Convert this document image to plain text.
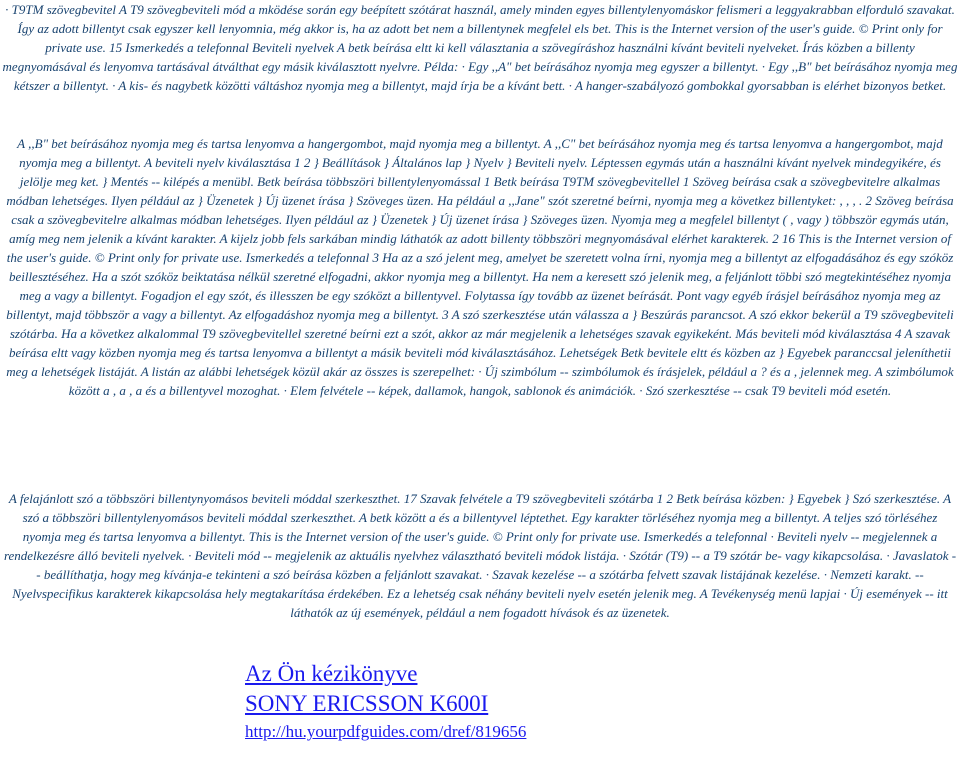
· T9TM szövegbevitel A T9 szövegbeviteli mód a mködése során egy beépített szótárat használ, amely minden egyes billentylenyomáskor felismeri a leggyakrabban elforduló szavakat. Így az adott billentyt csak egyszer kell lenyomnia, még akkor is, ha az adott bet nem a billentynek megfelel els bet. This is the Internet version of the user's guide. © Print only for private use. 15 Ismerkedés a telefonnal Beviteli nyelvek A betk beírása eltt ki kell választania a szövegíráshoz használni kívánt beviteli nyelveket. Írás közben a billenty megnyomásával és lenyomva tartásával átválthat egy másik kiválasztott nyelvre. Példa: · Egy ,,A" bet beírásához nyomja meg egyszer a billentyt. · Egy ,,B" bet beírásához nyomja meg kétszer a billentyt. · A kis- és nagybetk közötti váltáshoz nyomja meg a billentyt, majd írja be a kívánt bett. · A hanger-szabályozó gombokkal gyorsabban is elérhet bizonyos betket.
A ,,B" bet beírásához nyomja meg és tartsa lenyomva a hangergombot, majd nyomja meg a billentyt. A ,,C" bet beírásához nyomja meg és tartsa lenyomva a hangergombot, majd nyomja meg a billentyt. A beviteli nyelv kiválasztása 1 2 } Beállítások } Általános lap } Nyelv } Beviteli nyelv. Léptessen egymás után a használni kívánt nyelvek mindegyikére, és jelölje meg ket. } Mentés -- kilépés a menübl. Betk beírása többszöri billentylenyomással 1 Betk beírása T9TM szövegbevitellel 1 Szöveg beírása csak a szövegbevitelre alkalmas módban lehetséges. Ilyen például az } Üzenetek } Új üzenet írása } Szöveges üzen. Ha például a ,,Jane" szót szeretné beírni, nyomja meg a következ billentyket: , , , . 2 Szöveg beírása csak a szövegbevitelre alkalmas módban lehetséges. Ilyen például az } Üzenetek } Új üzenet írása } Szöveges üzen. Nyomja meg a megfelel billentyt ( , vagy ) többször egymás után, amíg meg nem jelenik a kívánt karakter. A kijelz jobb fels sarkában mindig láthatók az adott billenty többszöri megnyomásával elérhet karakterek. 2 16 This is the Internet version of the user's guide. © Print only for private use. Ismerkedés a telefonnal 3 Ha az a szó jelent meg, amelyet be szeretett volna írni, nyomja meg a billentyt az elfogadásához és egy szóköz beillesztéséhez. Ha a szót szóköz beiktatása nélkül szeretné elfogadni, akkor nyomja meg a billentyt. Ha nem a keresett szó jelenik meg, a feljánlott többi szó megtekintéséhez nyomja meg a vagy a billentyt. Fogadjon el egy szót, és illesszen be egy szóközt a billentyvel. Folytassa így tovább az üzenet beírását. Pont vagy egyéb írásjel beírásához nyomja meg az billentyt, majd többször a vagy a billentyt. Az elfogadáshoz nyomja meg a billentyt. 3 A szó szerkesztése után válassza a } Beszúrás parancsot. A szó ekkor bekerül a T9 szövegbeviteli szótárba. Ha a következ alkalommal T9 szövegbevitellel szeretné beírni ezt a szót, akkor az már megjelenik a lehetséges szavak egyikeként. Más beviteli mód kiválasztása 4 A szavak beírása eltt vagy közben nyomja meg és tartsa lenyomva a billentyt a másik beviteli mód kiválasztásához. Lehetségek Betk bevitele eltt és közben az } Egyebek paranccsal jeleníthetii meg a lehetségek listáját. A listán az alábbi lehetségek közül akár az összes is szerepelhet: · Új szimbólum -- szimbólumok és írásjelek, például a ? és a , jelennek meg. A szimbólumok között a , a , a és a billentyvel mozoghat. · Elem felvétele -- képek, dallamok, hangok, sablonok és animációk. · Szó szerkesztése -- csak T9 beviteli mód esetén.
A felajánlott szó a többszöri billentynyomásos beviteli móddal szerkeszthet. 17 Szavak felvétele a T9 szövegbeviteli szótárba 1 2 Betk beírása közben: } Egyebek } Szó szerkesztése. A szó a többszöri billentylenyomásos beviteli móddal szerkeszthet. A betk között a és a billentyvel léptethet. Egy karakter törléséhez nyomja meg a billentyt. A teljes szó törléséhez nyomja meg és tartsa lenyomva a billentyt. This is the Internet version of the user's guide. © Print only for private use. Ismerkedés a telefonnal · Beviteli nyelv -- megjelennek a rendelkezésre álló beviteli nyelvek. · Beviteli mód -- megjelenik az aktuális nyelvhez választható beviteli módok listája. · Szótár (T9) -- a T9 szótár be- vagy kikapcsolása. · Javaslatok -- beállíthatja, hogy meg kívánja-e tekinteni a szó beírása közben a feljánlott szavakat. · Szavak kezelése -- a szótárba felvett szavak listájának kezelése. · Nemzeti karakt. -- Nyelvspecifikus karakterek kikapcsolása hely megtakarítása érdekében. Ez a lehetség csak néhány beviteli nyelv esetén jelenik meg. A Tevékenység menü lapjai · Új események -- itt láthatók az új események, például a nem fogadott hívások és az üzenetek.
Az Ön kézikönyve
SONY ERICSSON K600I
http://hu.yourpdfguides.com/dref/819656
